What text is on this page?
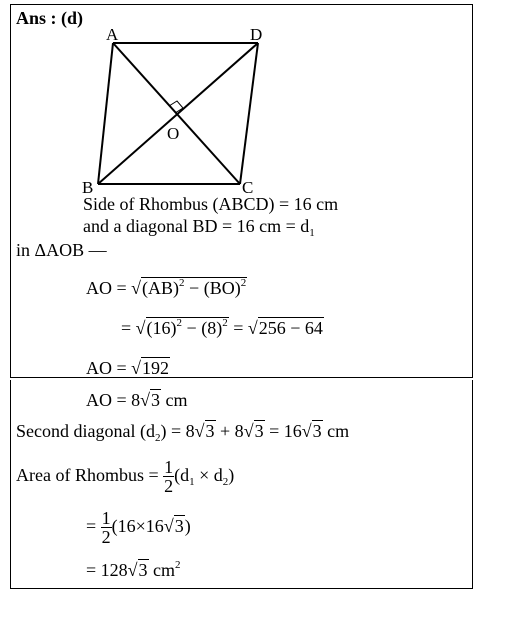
Ans : (d)
A	D
B	C
O
Side of Rhombus (ABCD) = 16 cm
and a diagonal BD = 16 cm = $d_1$
in ΔAOB —
AO = √(AB)$^2$ − (BO)$^2$
= $√(16)^2 - (8)^2 = √256 - 64$
AO = √192
AO = 8√3 cm
Second diagonal $(d_2) = 8√3 + 8√3 = 16√3$ cm
Area of Rhombus = $\frac{1}{2} (d_1 \times d_2)$
= $\frac{1}{2} (16\times 16√3)$
= 128√3 $cm^2$
